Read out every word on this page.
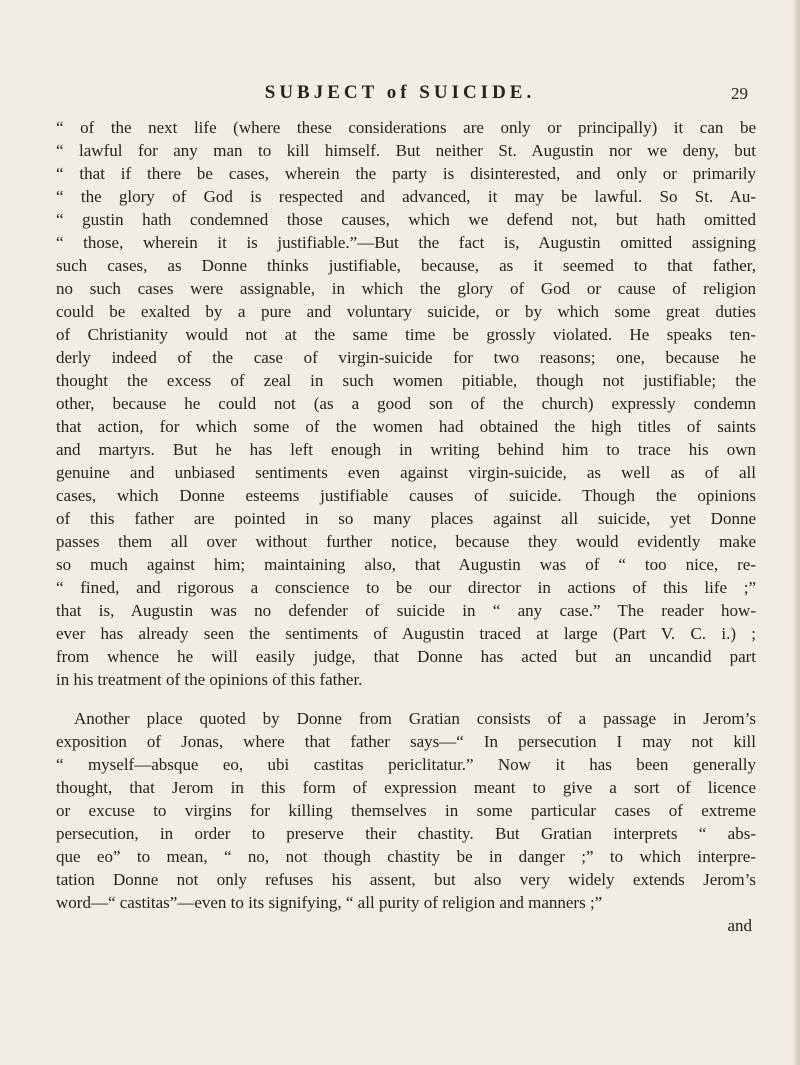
SUBJECT of SUICIDE.	29
“ of the next life (where these considerations are only or principally) it can be
“ lawful for any man to kill himself. But neither St. Augustin nor we deny, but
“ that if there be cases, wherein the party is disinterested, and only or primarily
“ the glory of God is respected and advanced, it may be lawful. So St. Au-
“ gustin hath condemned those causes, which we defend not, but hath omitted
“ those, wherein it is justifiable.”—But the fact is, Augustin omitted assigning
such cases, as Donne thinks justifiable, because, as it seemed to that father,
no such cases were assignable, in which the glory of God or cause of religion
could be exalted by a pure and voluntary suicide, or by which some great duties
of Christianity would not at the same time be grossly violated. He speaks ten-
derly indeed of the case of virgin-suicide for two reasons; one, because he
thought the excess of zeal in such women pitiable, though not justifiable; the
other, because he could not (as a good son of the church) expressly condemn
that action, for which some of the women had obtained the high titles of saints
and martyrs. But he has left enough in writing behind him to trace his own
genuine and unbiased sentiments even against virgin-suicide, as well as of all
cases, which Donne esteems justifiable causes of suicide. Though the opinions
of this father are pointed in so many places against all suicide, yet Donne
passes them all over without further notice, because they would evidently make
so much against him; maintaining also, that Augustin was of “ too nice, re-
“ fined, and rigorous a conscience to be our director in actions of this life ;”
that is, Augustin was no defender of suicide in “ any case.” The reader how-
ever has already seen the sentiments of Augustin traced at large (Part V. C. i.) ;
from whence he will easily judge, that Donne has acted but an uncandid part
in his treatment of the opinions of this father.
Another place quoted by Donne from Gratian consists of a passage in Jerom’s
exposition of Jonas, where that father says—“ In persecution I may not kill
“ myself—absque eo, ubi castitas periclitatur.” Now it has been generally
thought, that Jerom in this form of expression meant to give a sort of licence
or excuse to virgins for killing themselves in some particular cases of extreme
persecution, in order to preserve their chastity. But Gratian interprets “ abs-
que eo” to mean, “ no, not though chastity be in danger ;” to which interpre-
tation Donne not only refuses his assent, but also very widely extends Jerom’s
word—“ castitas”—even to its signifying, “ all purity of religion and manners ;”
and
